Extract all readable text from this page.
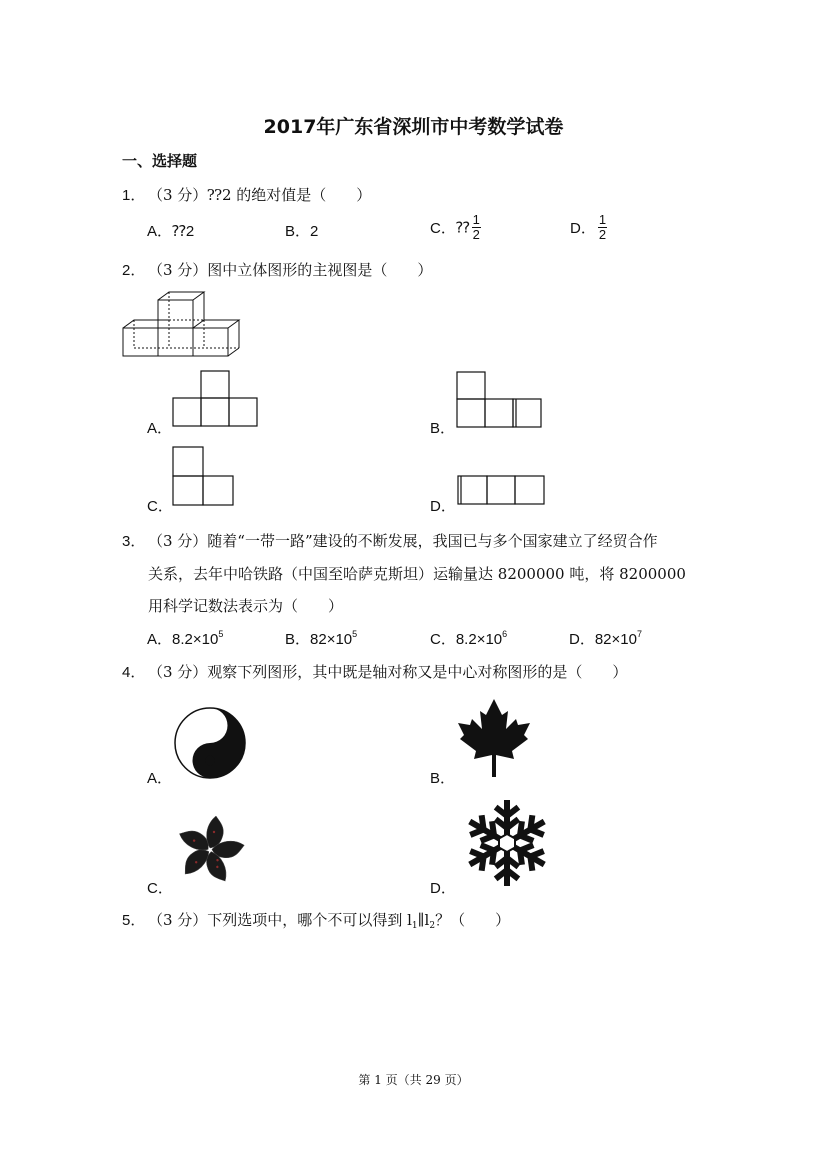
2017年广东省深圳市中考数学试卷
一、选择题
1． （3 分）⁇2 的绝对值是（　　）
A．⁇2	B．2	C．⁇ $\frac{1}{2}$	D． $\frac{1}{2}$
2． （3 分）图中立体图形的主视图是（　　）
A．	B．
C．	D．
3． （3 分）随着“一带一路”建设的不断发展，我国已与多个国家建立了经贸合作
关系，去年中哈铁路（中国至哈萨克斯坦）运输量达 8200000 吨，将 8200000
用科学记数法表示为（　　）
A．$8.2\times 10^5$	B．$82\times 10^5$	C．$8.2\times 10^6$	D．$82\times 10^7$
4． （3 分）观察下列图形，其中既是轴对称又是中心对称图形的是（　　）
A．	B．
C．	D．
5． （3 分）下列选项中，哪个不可以得到 $l_1\parallel l_2$？（　　）
第 1 页（共 29 页）
